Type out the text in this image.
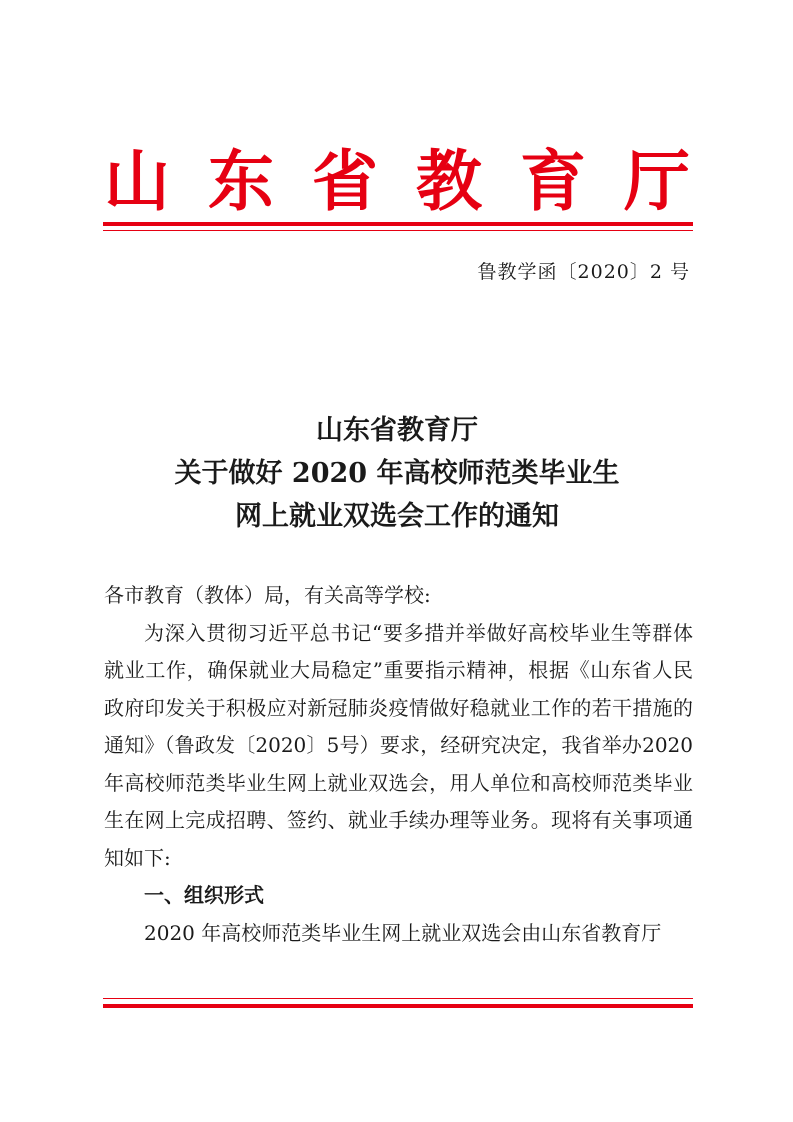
山 东 省 教 育 厅

鲁教学函〔2020〕2 号

山东省教育厅
关于做好 2020 年高校师范类毕业生
网上就业双选会工作的通知

各市教育（教体）局，有关高等学校:

为深入贯彻习近平总书记“要多措并举做好高校毕业生等群体就业工作，确保就业大局稳定”重要指示精神，根据《山东省人民政府印发关于积极应对新冠肺炎疫情做好稳就业工作的若干措施的通知》（鲁政发〔2020〕5号）要求，经研究决定，我省举办2020年高校师范类毕业生网上就业双选会，用人单位和高校师范类毕业生在网上完成招聘、签约、就业手续办理等业务。现将有关事项通知如下:

一、组织形式

2020 年高校师范类毕业生网上就业双选会由山东省教育厅
